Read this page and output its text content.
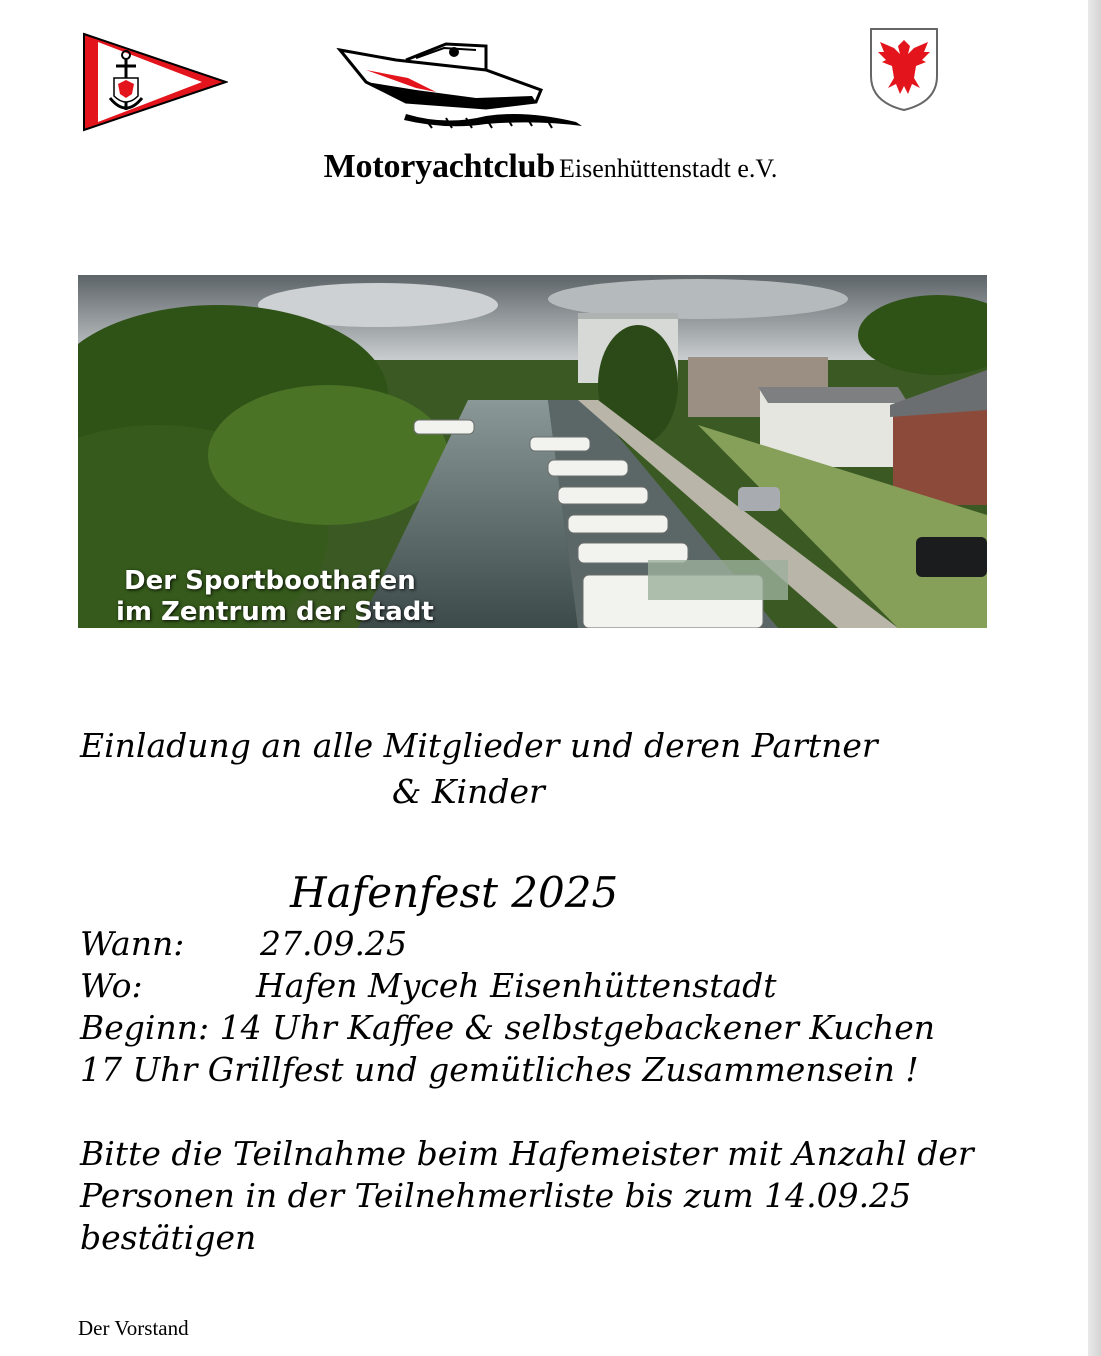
M
Y
C
E
H
Motoryachtclub Eisenhüttenstadt e.V.
Der Sportboothafen
im Zentrum der Stadt
Einladung an alle Mitglieder und deren Partner
& Kinder
Hafenfest 2025
Wann: 27.09.25
Wo:	Hafen Myceh Eisenhüttenstadt
Beginn: 14 Uhr Kaffee & selbstgebackener Kuchen
17 Uhr Grillfest und gemütliches Zusammensein !
Bitte die Teilnahme beim Hafemeister mit Anzahl der
Personen in der Teilnehmerliste bis zum 14.09.25
bestätigen
Der Vorstand
